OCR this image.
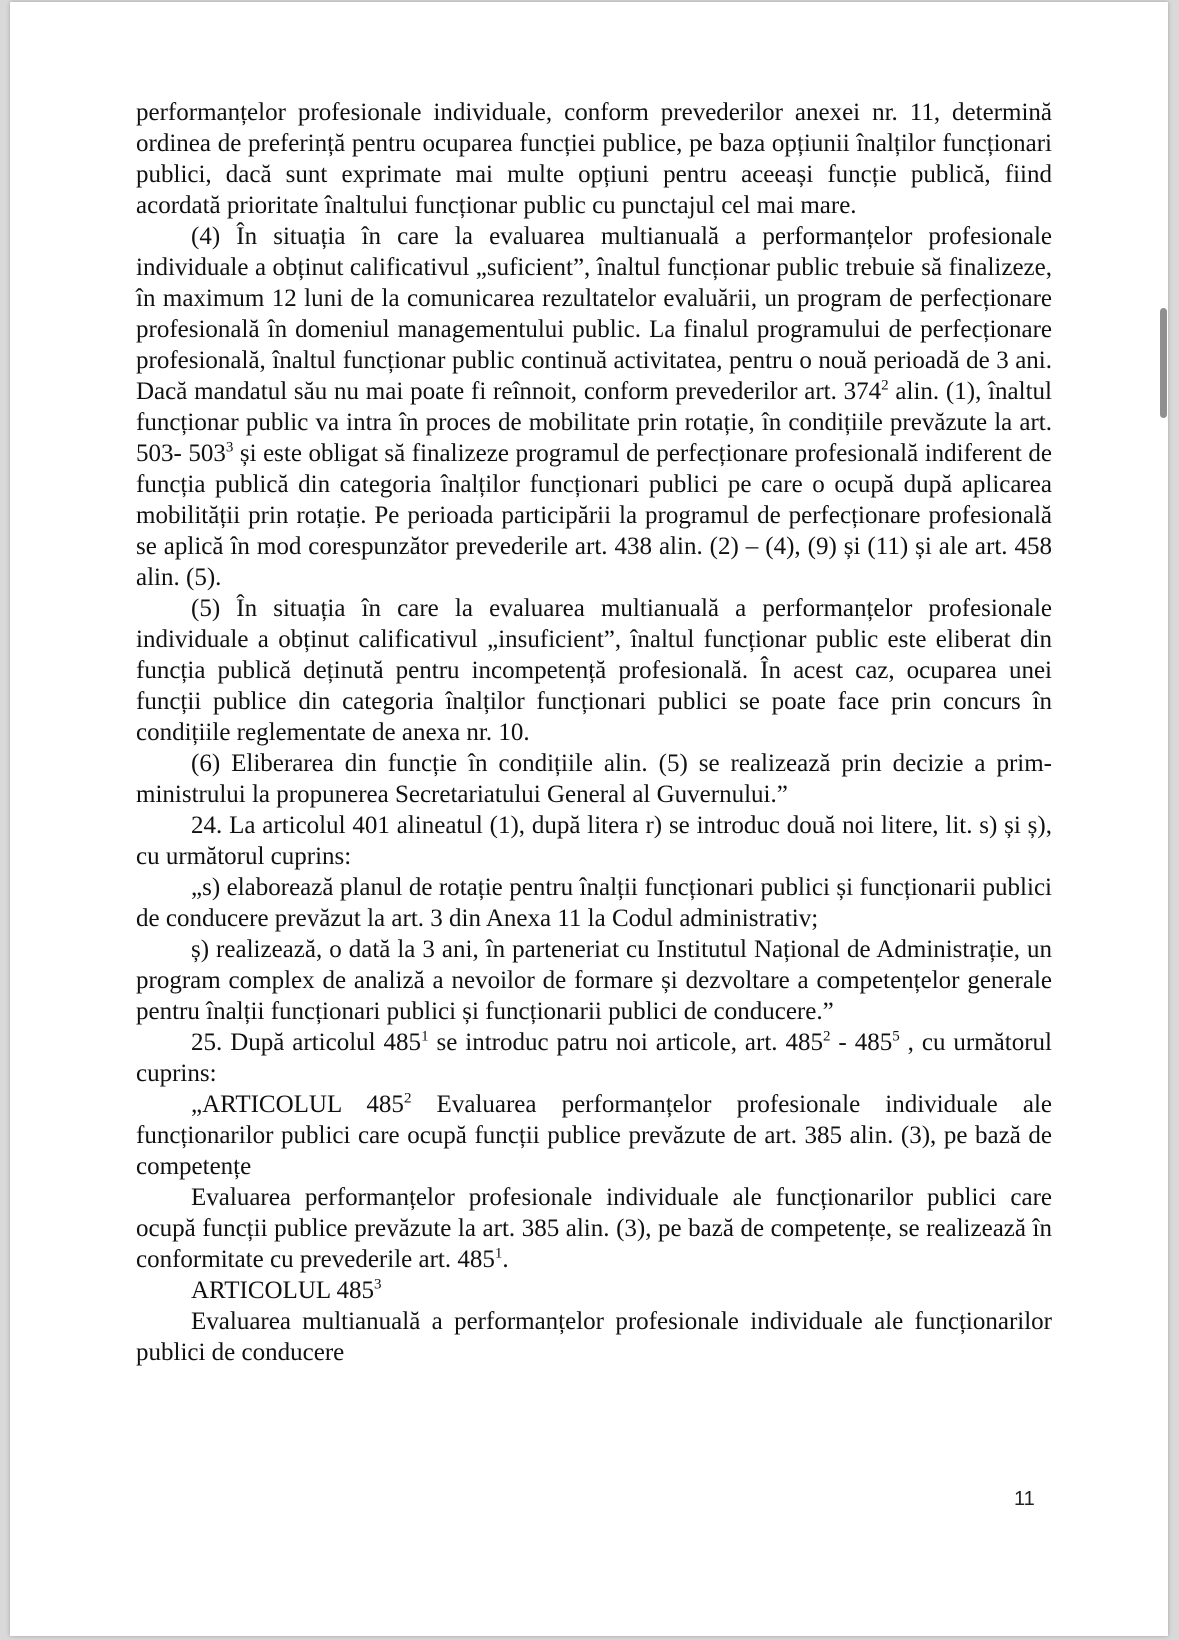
performanțelor profesionale individuale, conform prevederilor anexei nr. 11, determină ordinea de preferință pentru ocuparea funcției publice, pe baza opțiunii înalților funcționari publici, dacă sunt exprimate mai multe opțiuni pentru aceeași funcție publică, fiind acordată prioritate înaltului funcționar public cu punctajul cel mai mare.

(4) În situația în care la evaluarea multianuală a performanțelor profesionale individuale a obținut calificativul „suficient”, înaltul funcționar public trebuie să finalizeze, în maximum 12 luni de la comunicarea rezultatelor evaluării, un program de perfecționare profesională în domeniul managementului public. La finalul programului de perfecționare profesională, înaltul funcționar public continuă activitatea, pentru o nouă perioadă de 3 ani. Dacă mandatul său nu mai poate fi reînnoit, conform prevederilor art. $374^2$ alin. (1), înaltul funcționar public va intra în proces de mobilitate prin rotație, în condițiile prevăzute la art. 503- $503^3$ și este obligat să finalizeze programul de perfecționare profesională indiferent de funcția publică din categoria înalților funcționari publici pe care o ocupă după aplicarea mobilității prin rotație. Pe perioada participării la programul de perfecționare profesională se aplică în mod corespunzător prevederile art. 438 alin. (2) – (4), (9) și (11) și ale art. 458 alin. (5).

(5) În situația în care la evaluarea multianuală a performanțelor profesionale individuale a obținut calificativul „insuficient”, înaltul funcționar public este eliberat din funcția publică deținută pentru incompetență profesională. În acest caz, ocuparea unei funcții publice din categoria înalților funcționari publici se poate face prin concurs în condițiile reglementate de anexa nr. 10.

(6) Eliberarea din funcție în condițiile alin. (5) se realizează prin decizie a prim-ministrului la propunerea Secretariatului General al Guvernului.”

24. La articolul 401 alineatul (1), după litera r) se introduc două noi litere, lit. s) și ș), cu următorul cuprins:

„s) elaborează planul de rotație pentru înalții funcționari publici și funcționarii publici de conducere prevăzut la art. 3 din Anexa 11 la Codul administrativ;

ș) realizează, o dată la 3 ani, în parteneriat cu Institutul Național de Administrație, un program complex de analiză a nevoilor de formare și dezvoltare a competențelor generale pentru înalții funcționari publici și funcționarii publici de conducere.”

25. După articolul $485^1$ se introduc patru noi articole, art. $485^2 - 485^5$ , cu următorul cuprins:

„ARTICOLUL $485^2$ Evaluarea performanțelor profesionale individuale ale funcționarilor publici care ocupă funcții publice prevăzute de art. 385 alin. (3), pe bază de competențe

Evaluarea performanțelor profesionale individuale ale funcționarilor publici care ocupă funcții publice prevăzute la art. 385 alin. (3), pe bază de competențe, se realizează în conformitate cu prevederile art. $485^1$.

ARTICOLUL $485^3$

Evaluarea multianuală a performanțelor profesionale individuale ale funcționarilor publici de conducere

11
